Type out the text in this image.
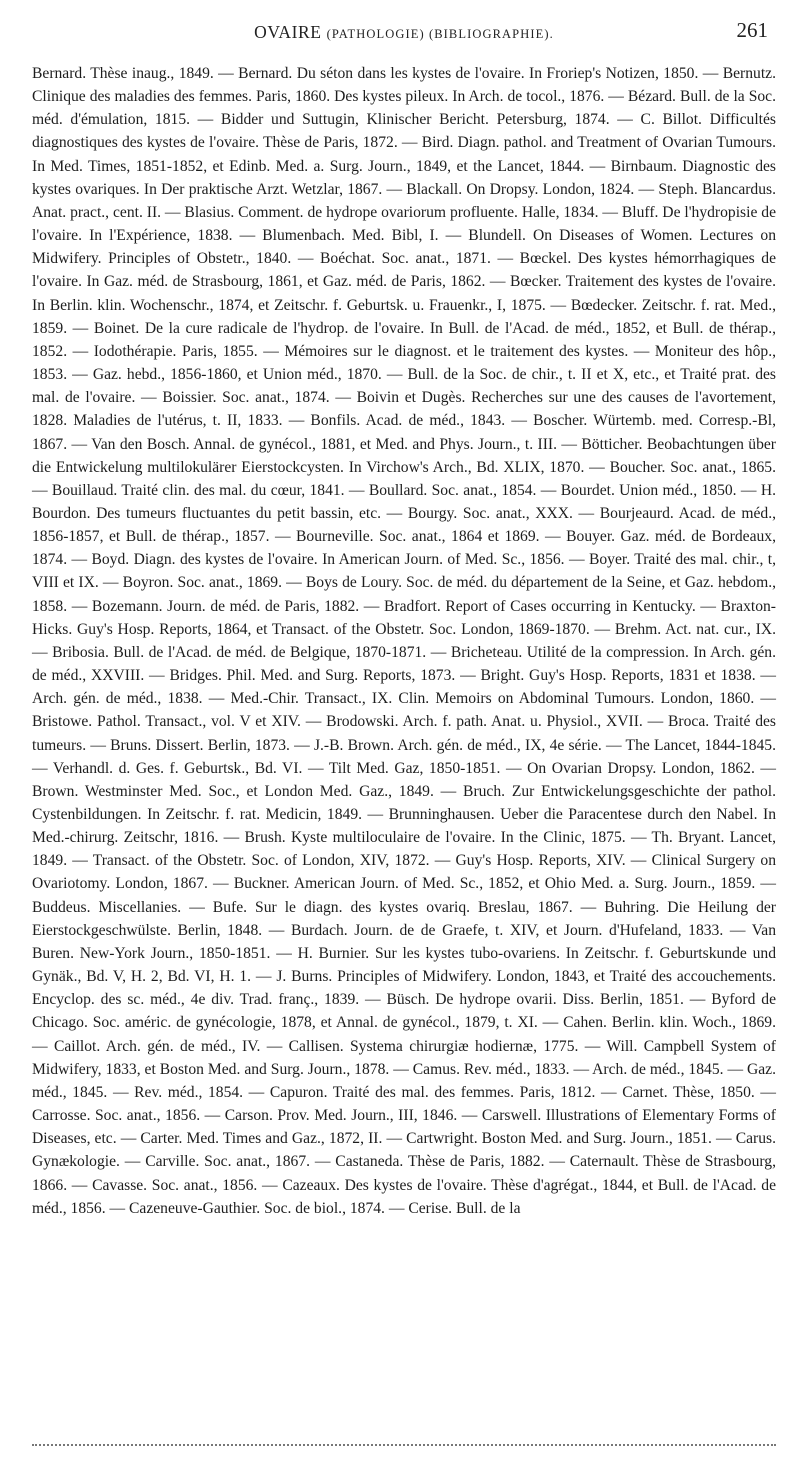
OVAIRE (PATHOLOGIE) (BIBLIOGRAPHIE).	261

Bernard. Thèse inaug., 1849. — Bernard. Du séton dans les kystes de l'ovaire. In Froriep's Notizen, 1850. — Bernutz. Clinique des maladies des femmes. Paris, 1860. Des kystes pileux. In Arch. de tocol., 1876. — Bézard. Bull. de la Soc. méd. d'émulation, 1815. — Bidder und Suttugin, Klinischer Bericht. Petersburg, 1874. — C. Billot. Difficultés diagnostiques des kystes de l'ovaire. Thèse de Paris, 1872. — Bird. Diagn. pathol. and Treatment of Ovarian Tumours. In Med. Times, 1851-1852, et Edinb. Med. a. Surg. Journ., 1849, et the Lancet, 1844. — Birnbaum. Diagnostic des kystes ovariques. In Der praktische Arzt. Wetzlar, 1867. — Blackall. On Dropsy. London, 1824. — Steph. Blancardus. Anat. pract., cent. II. — Blasius. Comment. de hydrope ovariorum profluente. Halle, 1834. — Bluff. De l'hydropisie de l'ovaire. In l'Expérience, 1838. — Blumenbach. Med. Bibl, I. — Blundell. On Diseases of Women. Lectures on Midwifery. Principles of Obstetr., 1840. — Boéchat. Soc. anat., 1871. — Bœckel. Des kystes hémorrhagiques de l'ovaire. In Gaz. méd. de Strasbourg, 1861, et Gaz. méd. de Paris, 1862. — Bœcker. Traitement des kystes de l'ovaire. In Berlin. klin. Wochenschr., 1874, et Zeitschr. f. Geburtsk. u. Frauenkr., I, 1875. — Bœdecker. Zeitschr. f. rat. Med., 1859. — Boinet. De la cure radicale de l'hydrop. de l'ovaire. In Bull. de l'Acad. de méd., 1852, et Bull. de thérap., 1852. — Iodothérapie. Paris, 1855. — Mémoires sur le diagnost. et le traitement des kystes. — Moniteur des hôp., 1853. — Gaz. hebd., 1856-1860, et Union méd., 1870. — Bull. de la Soc. de chir., t. II et X, etc., et Traité prat. des mal. de l'ovaire. — Boissier. Soc. anat., 1874. — Boivin et Dugès. Recherches sur une des causes de l'avortement, 1828. Maladies de l'utérus, t. II, 1833. — Bonfils. Acad. de méd., 1843. — Boscher. Würtemb. med. Corresp.-Bl, 1867. — Van den Bosch. Annal. de gynécol., 1881, et Med. and Phys. Journ., t. III. — Bötticher. Beobachtungen über die Entwickelung multilokulärer Eierstockcysten. In Virchow's Arch., Bd. XLIX, 1870. — Boucher. Soc. anat., 1865. — Bouillaud. Traité clin. des mal. du cœur, 1841. — Boullard. Soc. anat., 1854. — Bourdet. Union méd., 1850. — H. Bourdon. Des tumeurs fluctuantes du petit bassin, etc. — Bourgy. Soc. anat., XXX. — Bourjeaurd. Acad. de méd., 1856-1857, et Bull. de thérap., 1857. — Bourneville. Soc. anat., 1864 et 1869. — Bouyer. Gaz. méd. de Bordeaux, 1874. — Boyd. Diagn. des kystes de l'ovaire. In American Journ. of Med. Sc., 1856. — Boyer. Traité des mal. chir., t, VIII et IX. — Boyron. Soc. anat., 1869. — Boys de Loury. Soc. de méd. du département de la Seine, et Gaz. hebdom., 1858. — Bozemann. Journ. de méd. de Paris, 1882. — Bradfort. Report of Cases occurring in Kentucky. — Braxton-Hicks. Guy's Hosp. Reports, 1864, et Transact. of the Obstetr. Soc. London, 1869-1870. — Brehm. Act. nat. cur., IX. — Bribosia. Bull. de l'Acad. de méd. de Belgique, 1870-1871. — Bricheteau. Utilité de la compression. In Arch. gén. de méd., XXVIII. — Bridges. Phil. Med. and Surg. Reports, 1873. — Bright. Guy's Hosp. Reports, 1831 et 1838. — Arch. gén. de méd., 1838. — Med.-Chir. Transact., IX. Clin. Memoirs on Abdominal Tumours. London, 1860. — Bristowe. Pathol. Transact., vol. V et XIV. — Brodowski. Arch. f. path. Anat. u. Physiol., XVII. — Broca. Traité des tumeurs. — Bruns. Dissert. Berlin, 1873. — J.-B. Brown. Arch. gén. de méd., IX, 4e série. — The Lancet, 1844-1845. — Verhandl. d. Ges. f. Geburtsk., Bd. VI. — Tilt Med. Gaz, 1850-1851. — On Ovarian Dropsy. London, 1862. — Brown. Westminster Med. Soc., et London Med. Gaz., 1849. — Bruch. Zur Entwickelungsgeschichte der pathol. Cystenbildungen. In Zeitschr. f. rat. Medicin, 1849. — Brunninghausen. Ueber die Paracentese durch den Nabel. In Med.-chirurg. Zeitschr, 1816. — Brush. Kyste multiloculaire de l'ovaire. In the Clinic, 1875. — Th. Bryant. Lancet, 1849. — Transact. of the Obstetr. Soc. of London, XIV, 1872. — Guy's Hosp. Reports, XIV. — Clinical Surgery on Ovariotomy. London, 1867. — Buckner. American Journ. of Med. Sc., 1852, et Ohio Med. a. Surg. Journ., 1859. — Buddeus. Miscellanies. — Bufe. Sur le diagn. des kystes ovariq. Breslau, 1867. — Buhring. Die Heilung der Eierstockgeschwülste. Berlin, 1848. — Burdach. Journ. de de Graefe, t. XIV, et Journ. d'Hufeland, 1833. — Van Buren. New-York Journ., 1850-1851. — H. Burnier. Sur les kystes tubo-ovariens. In Zeitschr. f. Geburtskunde und Gynäk., Bd. V, H. 2, Bd. VI, H. 1. — J. Burns. Principles of Midwifery. London, 1843, et Traité des accouchements. Encyclop. des sc. méd., 4e div. Trad. franç., 1839. — Büsch. De hydrope ovarii. Diss. Berlin, 1851. — Byford de Chicago. Soc. améric. de gynécologie, 1878, et Annal. de gynécol., 1879, t. XI. — Cahen. Berlin. klin. Woch., 1869. — Caillot. Arch. gén. de méd., IV. — Callisen. Systema chirurgiæ hodiernæ, 1775. — Will. Campbell System of Midwifery, 1833, et Boston Med. and Surg. Journ., 1878. — Camus. Rev. méd., 1833. — Arch. de méd., 1845. — Gaz. méd., 1845. — Rev. méd., 1854. — Capuron. Traité des mal. des femmes. Paris, 1812. — Carnet. Thèse, 1850. — Carrosse. Soc. anat., 1856. — Carson. Prov. Med. Journ., III, 1846. — Carswell. Illustrations of Elementary Forms of Diseases, etc. — Carter. Med. Times and Gaz., 1872, II. — Cartwright. Boston Med. and Surg. Journ., 1851. — Carus. Gynækologie. — Carville. Soc. anat., 1867. — Castaneda. Thèse de Paris, 1882. — Caternault. Thèse de Strasbourg, 1866. — Cavasse. Soc. anat., 1856. — Cazeaux. Des kystes de l'ovaire. Thèse d'agrégat., 1844, et Bull. de l'Acad. de méd., 1856. — Cazeneuve-Gauthier. Soc. de biol., 1874. — Cerise. Bull. de la
